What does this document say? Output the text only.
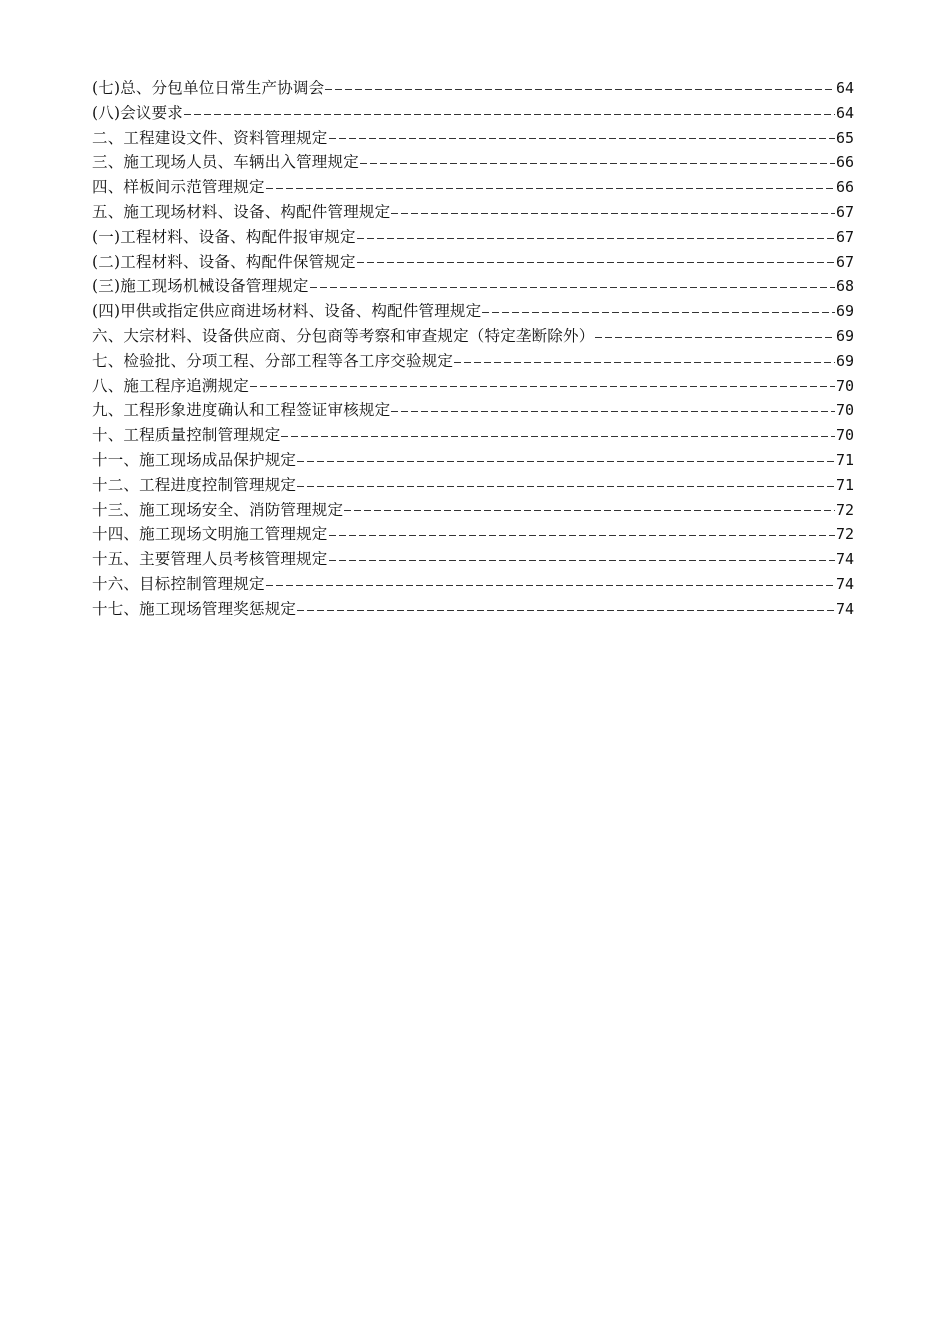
(七)总、分包单位日常生产协调会	64
(八)会议要求	64
二、工程建设文件、资料管理规定	65
三、施工现场人员、车辆出入管理规定	66
四、样板间示范管理规定	66
五、施工现场材料、设备、构配件管理规定	67
(一)工程材料、设备、构配件报审规定	67
(二)工程材料、设备、构配件保管规定	67
(三)施工现场机械设备管理规定	68
(四)甲供或指定供应商进场材料、设备、构配件管理规定	69
六、大宗材料、设备供应商、分包商等考察和审查规定（特定垄断除外）	69
七、检验批、分项工程、分部工程等各工序交验规定	69
八、施工程序追溯规定	70
九、工程形象进度确认和工程签证审核规定	70
十、工程质量控制管理规定	70
十一、施工现场成品保护规定	71
十二、工程进度控制管理规定	71
十三、施工现场安全、消防管理规定	72
十四、施工现场文明施工管理规定	72
十五、主要管理人员考核管理规定	74
十六、目标控制管理规定	74
十七、施工现场管理奖惩规定	74
